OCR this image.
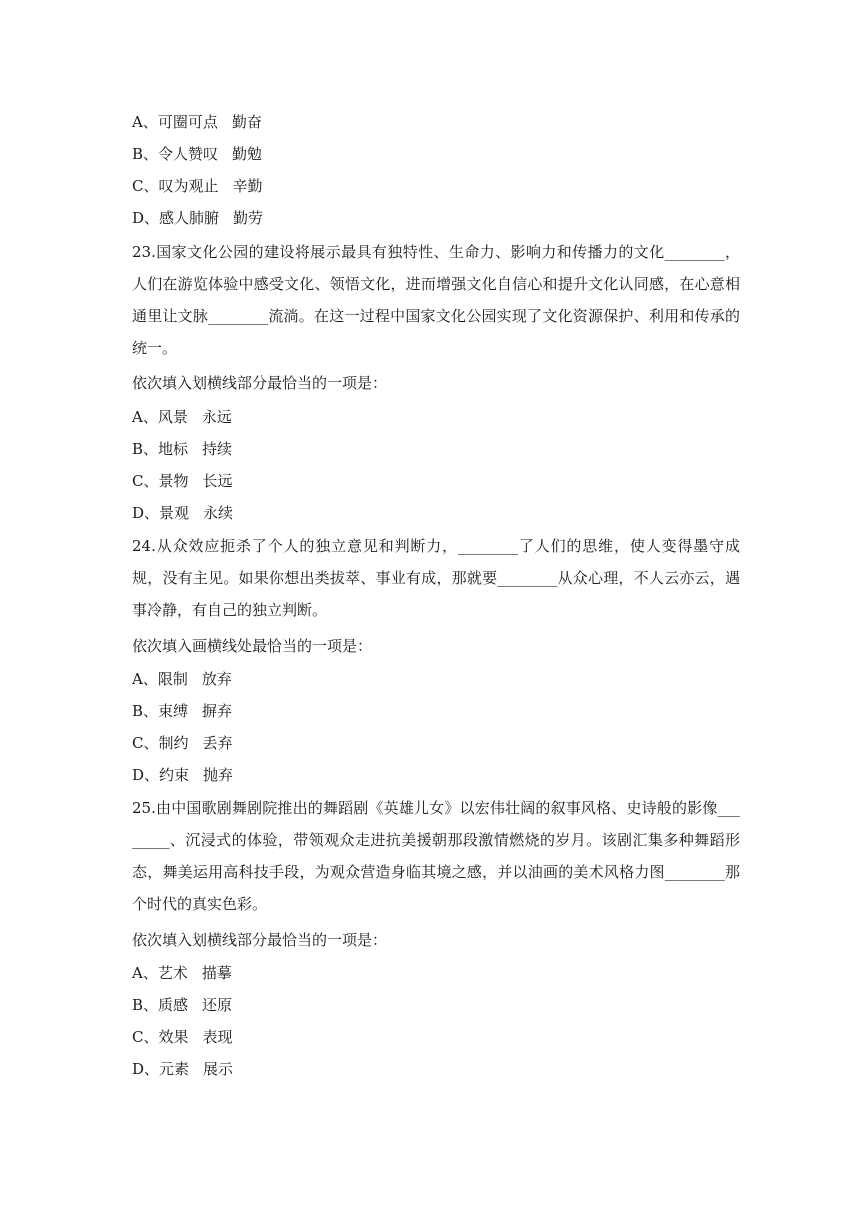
A、可圈可点 勤奋
B、令人赞叹 勤勉
C、叹为观止 辛勤
D、感人肺腑 勤劳
23.国家文化公园的建设将展示最具有独特性、生命力、影响力和传播力的文化________，人们在游览体验中感受文化、领悟文化，进而增强文化自信心和提升文化认同感，在心意相通里让文脉________流淌。在这一过程中国家文化公园实现了文化资源保护、利用和传承的统一。
依次填入划横线部分最恰当的一项是：
A、风景 永远
B、地标 持续
C、景物 长远
D、景观 永续
24.从众效应扼杀了个人的独立意见和判断力，________了人们的思维，使人变得墨守成规，没有主见。如果你想出类拔萃、事业有成，那就要________从众心理，不人云亦云，遇事冷静，有自己的独立判断。
依次填入画横线处最恰当的一项是：
A、限制 放弃
B、束缚 摒弃
C、制约 丢弃
D、约束 抛弃
25.由中国歌剧舞剧院推出的舞蹈剧《英雄儿女》以宏伟壮阔的叙事风格、史诗般的影像________、沉浸式的体验，带领观众走进抗美援朝那段激情燃烧的岁月。该剧汇集多种舞蹈形态，舞美运用高科技手段，为观众营造身临其境之感，并以油画的美术风格力图________那个时代的真实色彩。
依次填入划横线部分最恰当的一项是：
A、艺术 描摹
B、质感 还原
C、效果 表现
D、元素 展示
